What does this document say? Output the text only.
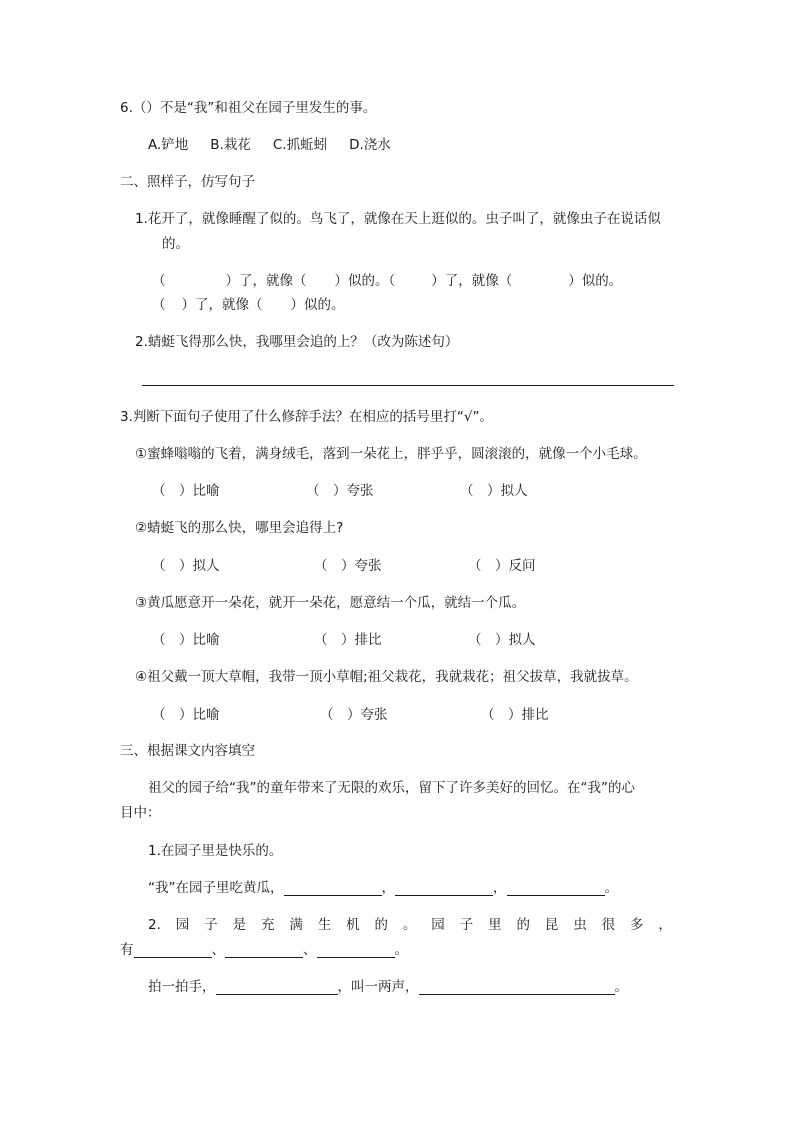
6.（）不是“我”和祖父在园子里发生的事。
A.铲地 B.栽花 C.抓蚯蚓 D.浇水
二、照样子，仿写句子
1.花开了，就像睡醒了似的。鸟飞了，就像在天上逛似的。虫子叫了，就像虫子在说话似
的。
（	）了，就像（ ）似的。（	）了，就像（	）似的。
（ ）了，就像（ ）似的。
2.蜻蜓飞得那么快，我哪里会追的上？（改为陈述句）
3.判断下面句子使用了什么修辞手法？在相应的括号里打“√”。
①蜜蜂嗡嗡的飞着，满身绒毛，落到一朵花上，胖乎乎，圆滚滚的，就像一个小毛球。
（　）比喻	（　）夸张	（　）拟人
②蜻蜓飞的那么快，哪里会追得上?
（　）拟人	（　）夸张	（　）反问
③黄瓜愿意开一朵花，就开一朵花，愿意结一个瓜，就结一个瓜。
（　）比喻	（　）排比	（　）拟人
④祖父戴一顶大草帽，我带一顶小草帽;祖父栽花，我就栽花；祖父拔草，我就拔草。
（　）比喻	（　）夸张	（　）排比
三、根据课文内容填空
祖父的园子给“我”的童年带来了无限的欢乐，留下了许多美好的回忆。在“我”的心
目中：
1.在园子里是快乐的。
“我”在园子里吃黄瓜，	，	，	。
2. 园 子 是 充 满 生 机 的 。 园 子 里 的 昆 虫 很 多 ，
有	、	、	。
拍一拍手，	，叫一两声，	。
